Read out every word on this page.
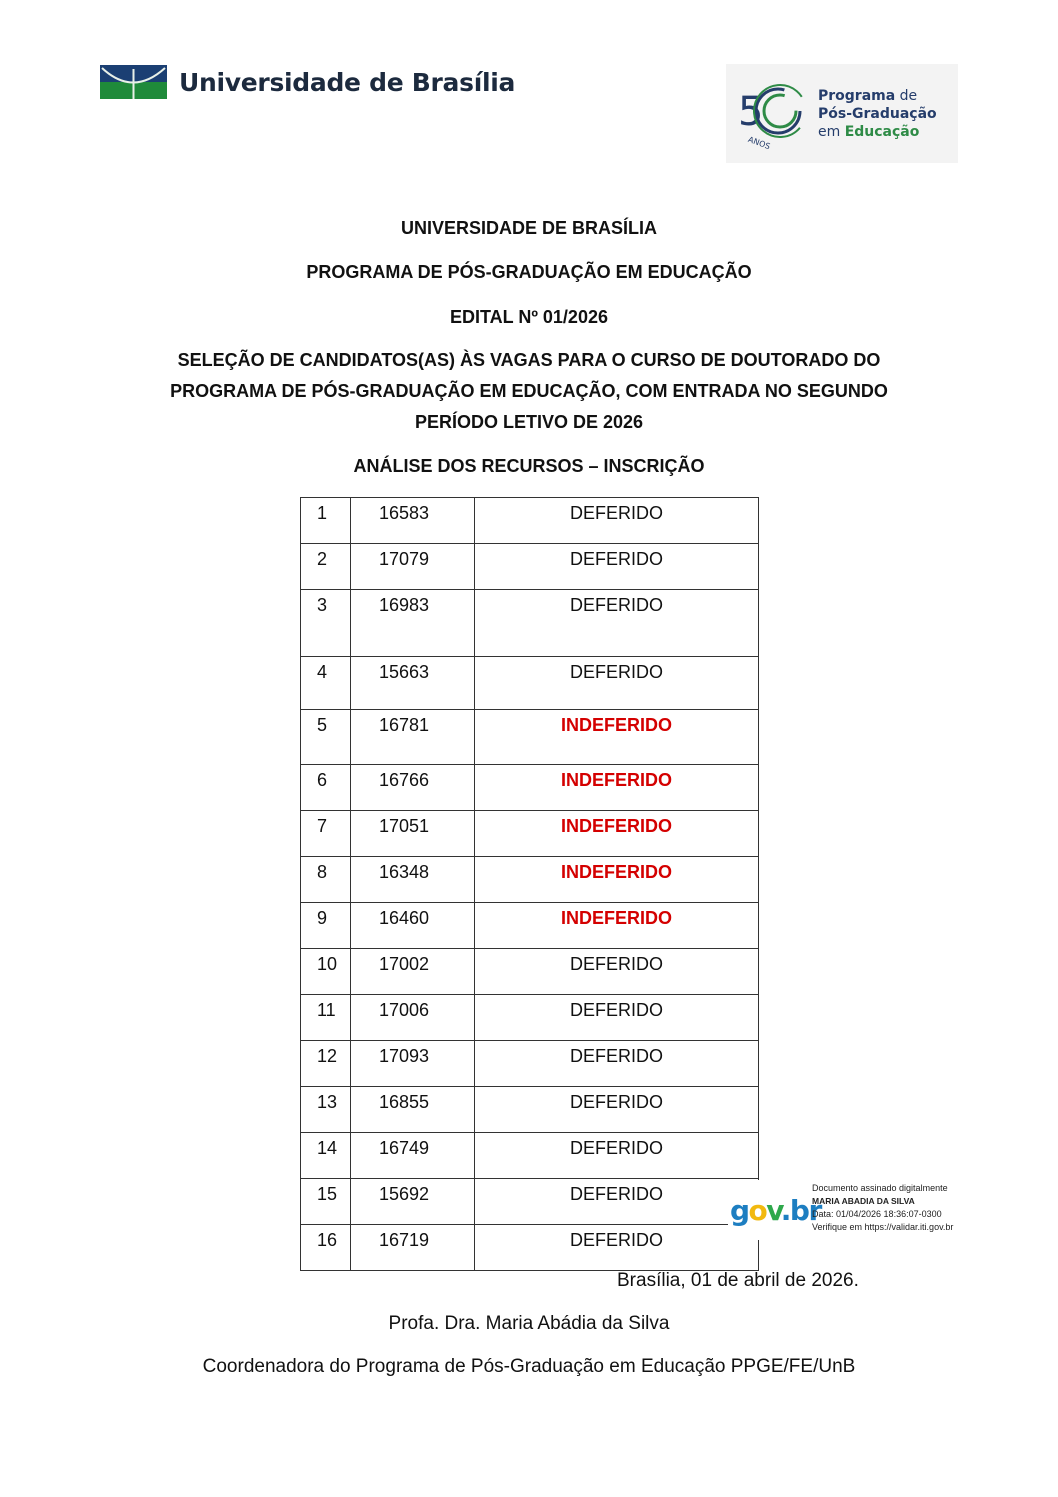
Universidade de Brasília
5
ANOS
Programa de
Pós-Graduação
em Educação
UNIVERSIDADE DE BRASÍLIA
PROGRAMA DE PÓS-GRADUAÇÃO EM EDUCAÇÃO
EDITAL Nº 01/2026
SELEÇÃO DE CANDIDATOS(AS) ÀS VAGAS PARA O CURSO DE DOUTORADO DO
PROGRAMA DE PÓS-GRADUAÇÃO EM EDUCAÇÃO, COM ENTRADA NO SEGUNDO
PERÍODO LETIVO DE 2026
ANÁLISE DOS RECURSOS – INSCRIÇÃO
1	16583	DEFERIDO
2	17079	DEFERIDO
3	16983	DEFERIDO
4	15663	DEFERIDO
5	16781	INDEFERIDO
6	16766	INDEFERIDO
7	17051	INDEFERIDO
8	16348	INDEFERIDO
9	16460	INDEFERIDO
10	17002	DEFERIDO
11	17006	DEFERIDO
12	17093	DEFERIDO
13	16855	DEFERIDO
14	16749	DEFERIDO
15	15692	DEFERIDO
16	16719	DEFERIDO
gov.br
Documento assinado digitalmente
MARIA ABADIA DA SILVA
Data: 01/04/2026 18:36:07-0300
Verifique em https://validar.iti.gov.br
Brasília, 01 de abril de 2026.
Profa. Dra. Maria Abádia da Silva
Coordenadora do Programa de Pós-Graduação em Educação PPGE/FE/UnB
